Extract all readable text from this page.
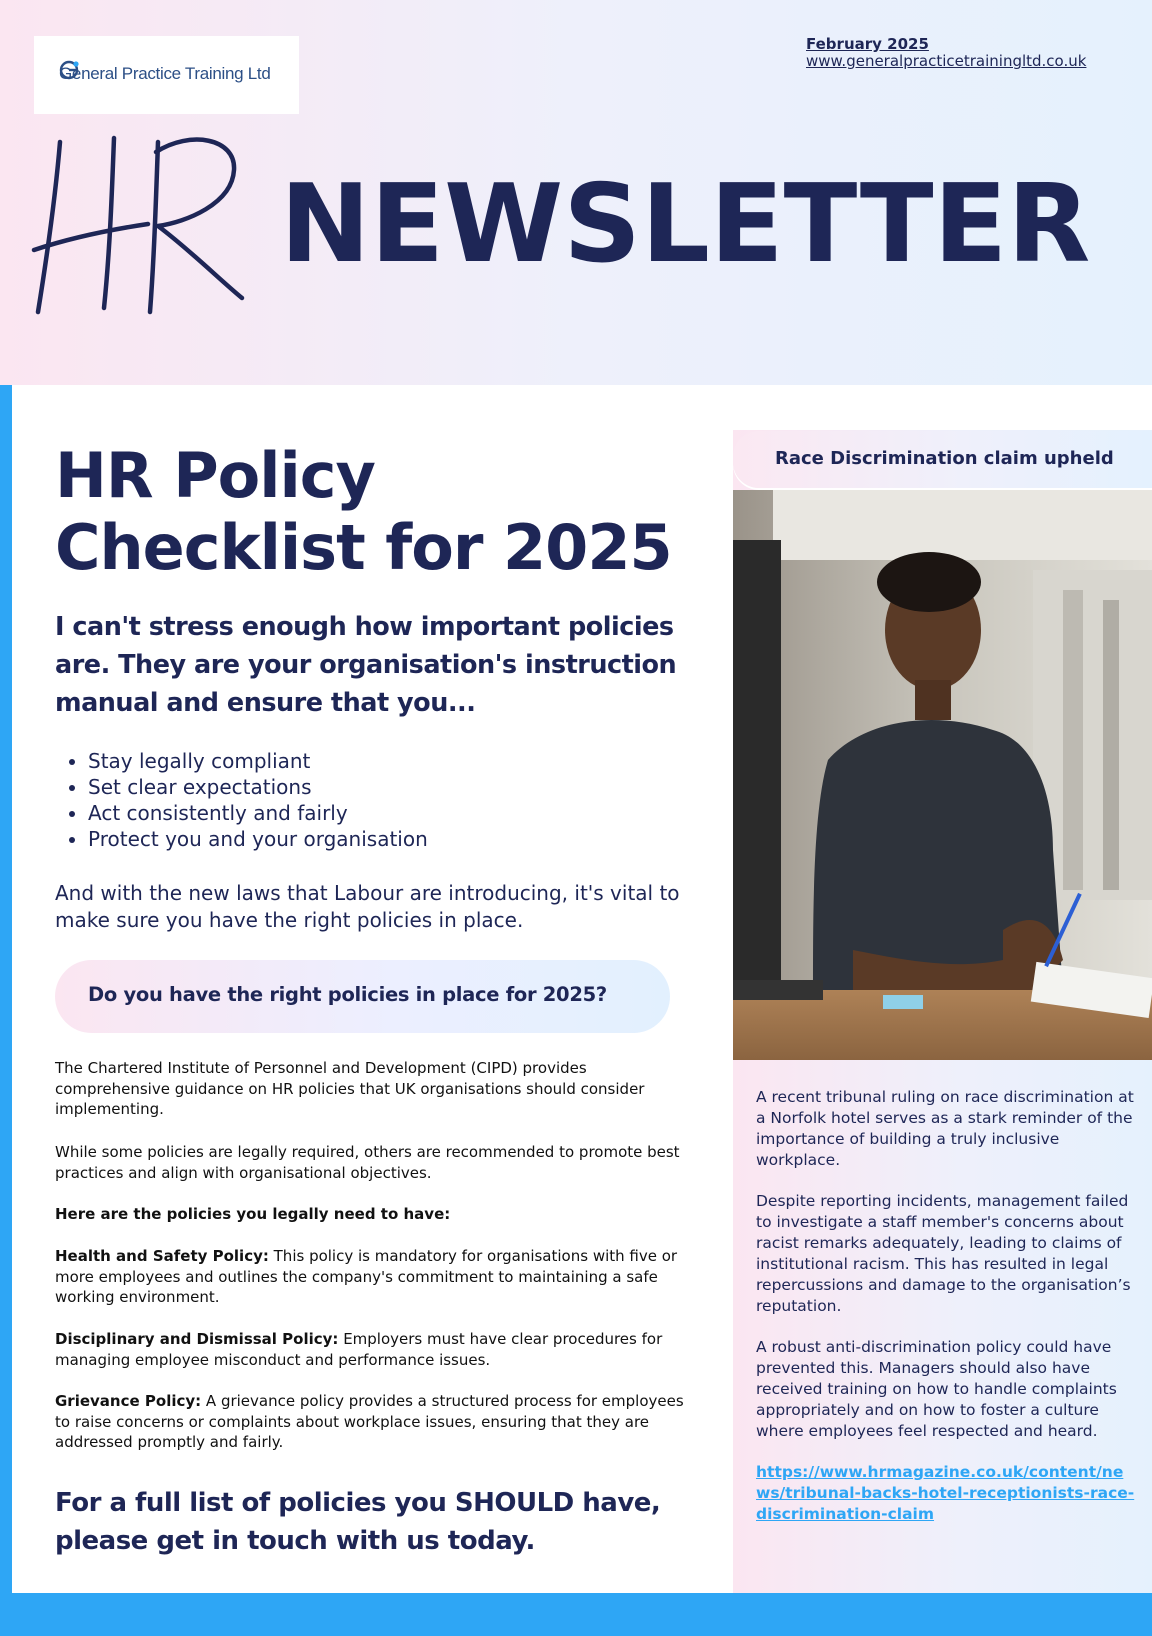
General Practice Training Ltd
February 2025
www.generalpracticetrainingltd.co.uk
NEWSLETTER
HR Policy
Checklist for 2025

I can't stress enough how important policies are. They are your organisation's instruction manual and ensure that you...

• Stay legally compliant
• Set clear expectations
• Act consistently and fairly
• Protect you and your organisation

And with the new laws that Labour are introducing, it's vital to make sure you have the right policies in place.

Do you have the right policies in place for 2025?

The Chartered Institute of Personnel and Development (CIPD) provides comprehensive guidance on HR policies that UK organisations should consider implementing.

While some policies are legally required, others are recommended to promote best practices and align with organisational objectives.

Here are the policies you legally need to have:

Health and Safety Policy: This policy is mandatory for organisations with five or more employees and outlines the company's commitment to maintaining a safe working environment.

Disciplinary and Dismissal Policy: Employers must have clear procedures for managing employee misconduct and performance issues.

Grievance Policy: A grievance policy provides a structured process for employees to raise concerns or complaints about workplace issues, ensuring that they are addressed promptly and fairly.

For a full list of policies you SHOULD have, please get in touch with us today.

Race Discrimination claim upheld

A recent tribunal ruling on race discrimination at a Norfolk hotel serves as a stark reminder of the importance of building a truly inclusive workplace.

Despite reporting incidents, management failed to investigate a staff member's concerns about racist remarks adequately, leading to claims of institutional racism. This has resulted in legal repercussions and damage to the organisation’s reputation.

A robust anti-discrimination policy could have prevented this. Managers should also have received training on how to handle complaints appropriately and on how to foster a culture where employees feel respected and heard.

https://www.hrmagazine.co.uk/content/news/tribunal-backs-hotel-receptionists-race-discrimination-claim
